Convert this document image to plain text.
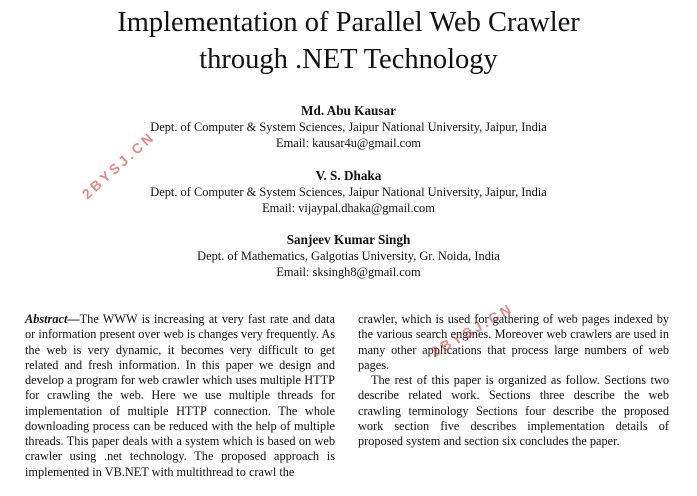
Implementation of Parallel Web Crawler
through .NET Technology
Md. Abu Kausar
Dept. of Computer & System Sciences, Jaipur National University, Jaipur, India
Email: kausar4u@gmail.com
V. S. Dhaka
Dept. of Computer & System Sciences, Jaipur National University, Jaipur, India
Email: vijaypal.dhaka@gmail.com
Sanjeev Kumar Singh
Dept. of Mathematics, Galgotias University, Gr. Noida, India
Email: sksingh8@gmail.com

Abstract—The WWW is increasing at very fast rate and data or information present over web is changes very frequently. As the web is very dynamic, it becomes very difficult to get related and fresh information. In this paper we design and develop a program for web crawler which uses multiple HTTP for crawling the web. Here we use multiple threads for implementation of multiple HTTP connection. The whole downloading process can be reduced with the help of multiple threads. This paper deals with a system which is based on web crawler using .net technology. The proposed approach is implemented in VB.NET with multithread to crawl the

crawler, which is used for gathering of web pages indexed by the various search engines. Moreover web crawlers are used in many other applications that process large numbers of web pages.

The rest of this paper is organized as follow. Sections two describe related work. Sections three describe the web crawling terminology Sections four describe the proposed work section five describes implementation details of proposed system and section six concludes the paper.

2BYSJ.CN
2BYSJ.CN
